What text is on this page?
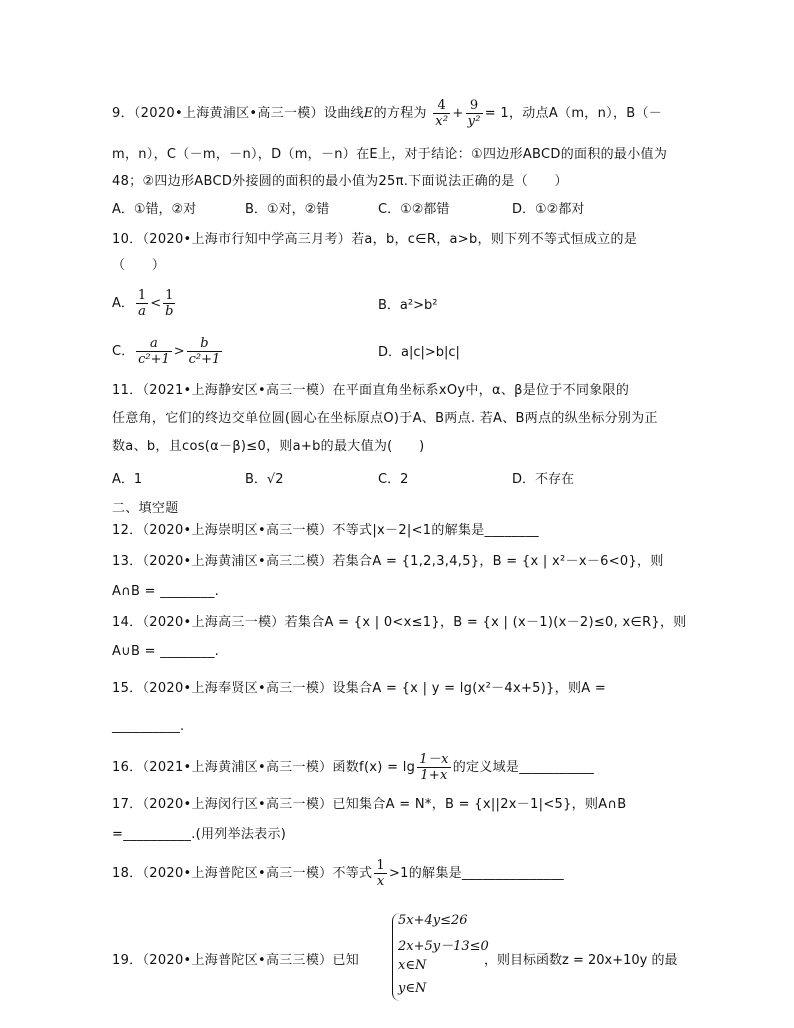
9．（2020•上海黄浦区•高三一模）设曲线E的方程为 $\frac{4}{\text{x²}} + \frac{9}{\text{y²}} = 1$，动点A（m，n），B（－
m，n），C（－m，－n），D（m，－n）在E上，对于结论：①四边形ABCD的面积的最小值为
48；②四边形ABCD外接圆的面积的最小值为25π.下面说法正确的是（　　）
A．①错，②对	B．①对，②错	C．①②都错	D．①②都对
10．（2020•上海市行知中学高三月考）若a，b，c∈R，a>b，则下列不等式恒成立的是
（　　）
A． $\frac{1}{a} < \frac{1}{b}$	B．a²>b²
C． $\frac{a}{\text{c²+1}} > \frac{b}{\text{c²+1}}$	D．a|c|>b|c|
11．（2021•上海静安区•高三一模）在平面直角坐标系xOy中，α、β是位于不同象限的
任意角，它们的终边交单位圆(圆心在坐标原点O)于A、B两点. 若A、B两点的纵坐标分别为正
数a、b，且cos(α－β)≤0，则a+b的最大值为(　　)
A．1	B．√2	C．2	D．不存在
二、填空题
12．（2020•上海崇明区•高三一模）不等式|x－2|<1的解集是________
13．（2020•上海黄浦区•高三二模）若集合A = {1,2,3,4,5}，B = {x | x²－x－6<0}，则
A∩B = ________.
14．（2020•上海高三一模）若集合A = {x | 0<x≤1}，B = {x | (x－1)(x－2)≤0, x∈R}，则
A∪B = ________.
15．（2020•上海奉贤区•高三一模）设集合A = {x | y = lg(x²－4x+5)}，则A =
__________.
16．（2021•上海黄浦区•高三一模）函数$f(x) = \lg \frac{1-x}{1+x}$ 的定义域是___________
17．（2020•上海闵行区•高三一模）已知集合A = N*，B = {x||2x－1|<5}，则A∩B
=__________.(用列举法表示)
18．（2020•上海普陀区•高三一模）不等式 $\frac{1}{x} >1$的解集是_______________
19．（2020•上海普陀区•高三三模）已知
5x+4y≤26
2x+5y－13≤0
x∈N
y∈N
，则目标函数z = 20x+10y 的最
